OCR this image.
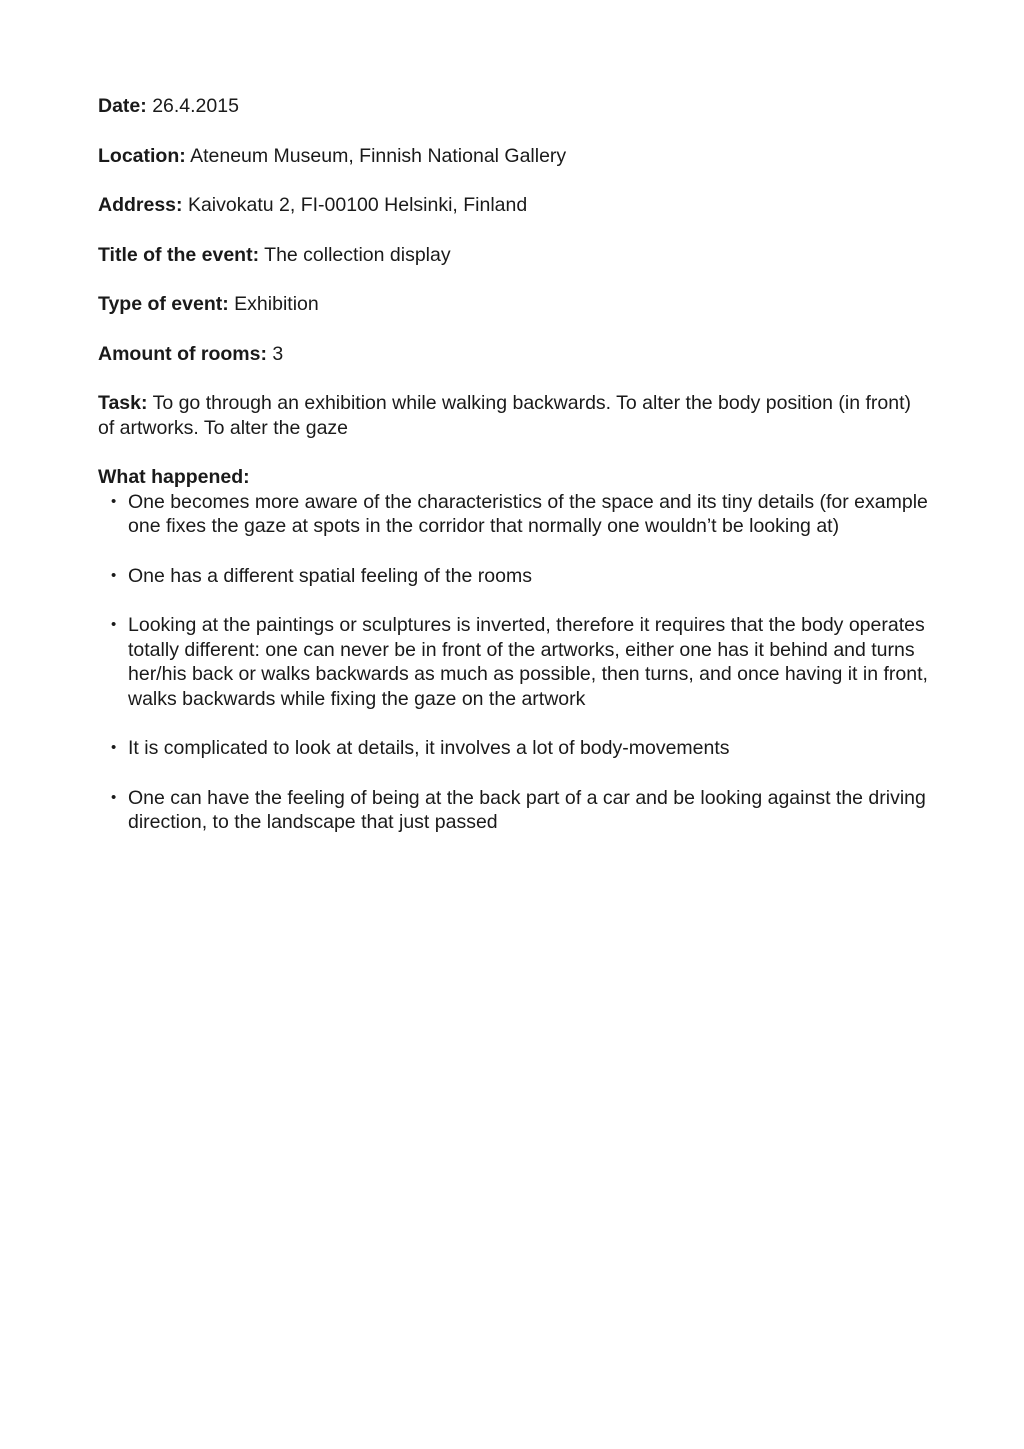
Date: 26.4.2015
Location: Ateneum Museum, Finnish National Gallery
Address: Kaivokatu 2, FI-00100 Helsinki, Finland
Title of the event: The collection display
Type of event: Exhibition
Amount of rooms: 3
Task: To go through an exhibition while walking backwards. To alter the body position (in front) of artworks. To alter the gaze

What happened:

• One becomes more aware of the characteristics of the space and its tiny details (for example one fixes the gaze at spots in the corridor that normally one wouldn’t be looking at)
• One has a different spatial feeling of the rooms
• Looking at the paintings or sculptures is inverted, therefore it requires that the body operates totally different: one can never be in front of the artworks, either one has it behind and turns her/his back or walks backwards as much as possible, then turns, and once having it in front, walks backwards while fixing the gaze on the artwork
• It is complicated to look at details, it involves a lot of body-movements
• One can have the feeling of being at the back part of a car and be looking against the driving direction, to the landscape that just passed
